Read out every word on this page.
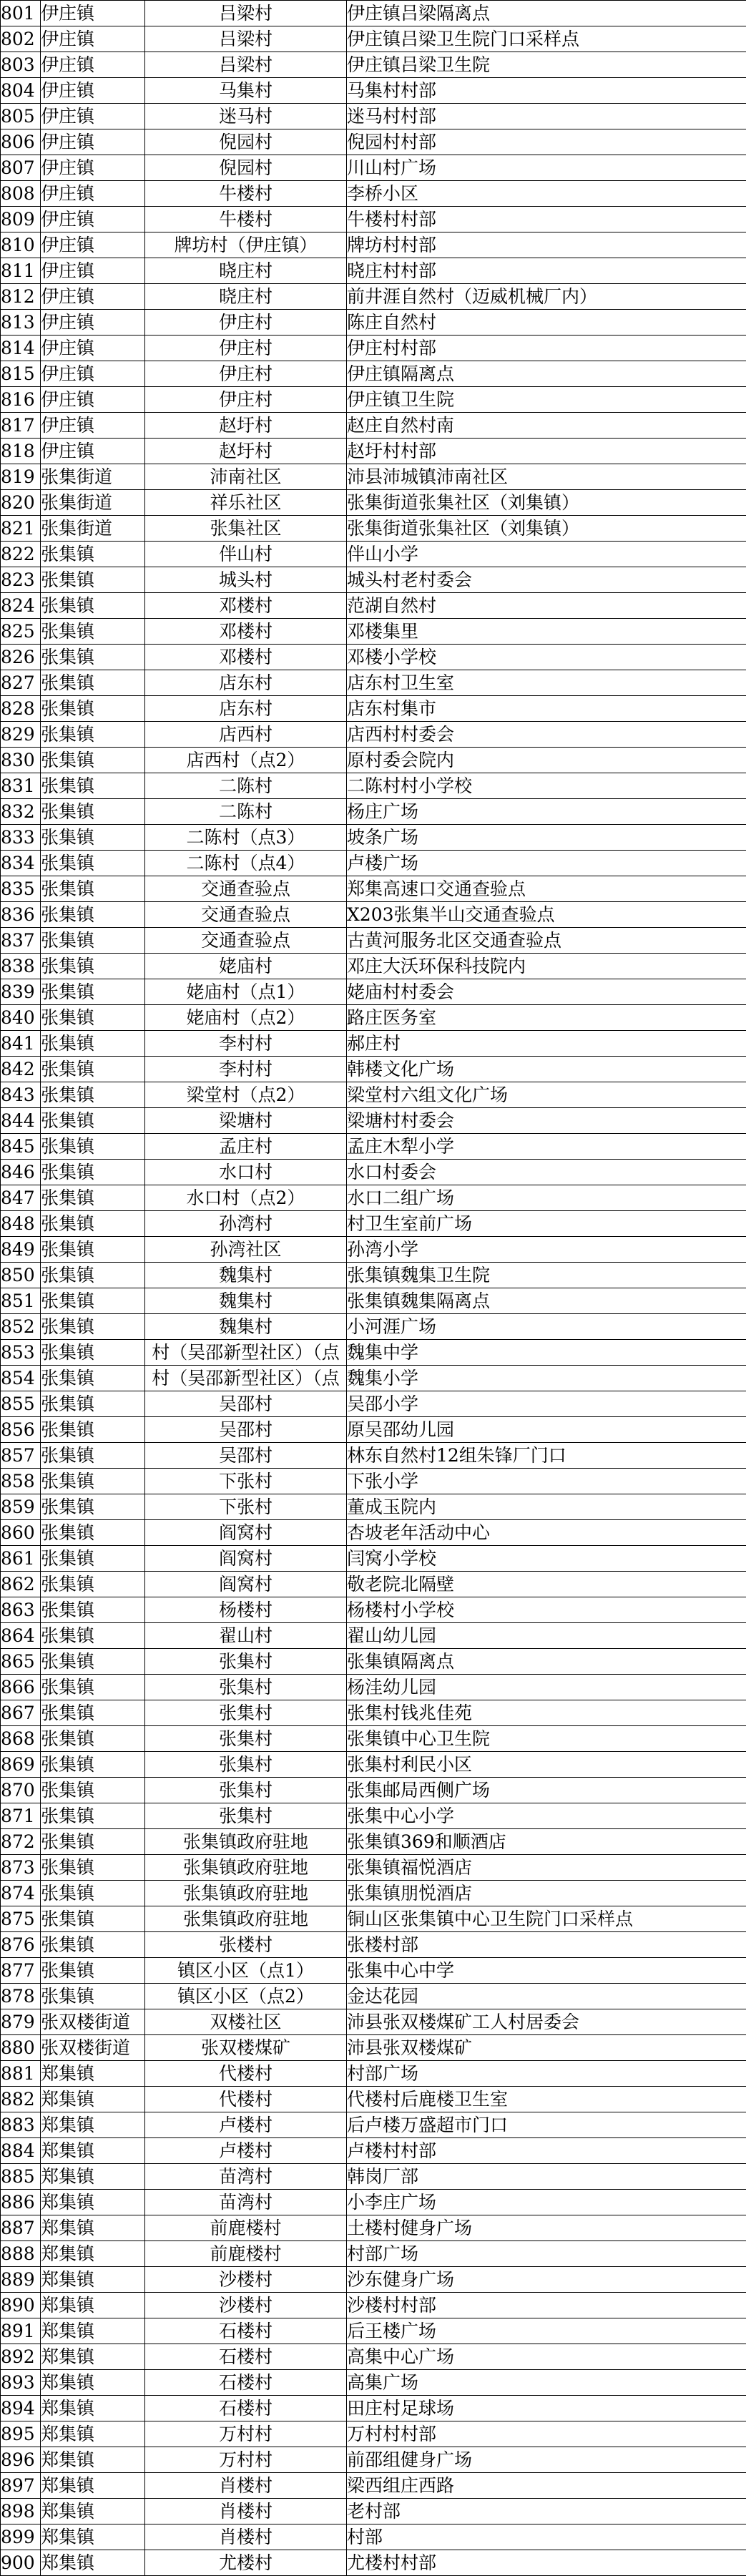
801	伊庄镇	吕梁村	伊庄镇吕梁隔离点
802	伊庄镇	吕梁村	伊庄镇吕梁卫生院门口采样点
803	伊庄镇	吕梁村	伊庄镇吕梁卫生院
804	伊庄镇	马集村	马集村村部
805	伊庄镇	迷马村	迷马村村部
806	伊庄镇	倪园村	倪园村村部
807	伊庄镇	倪园村	川山村广场
808	伊庄镇	牛楼村	李桥小区
809	伊庄镇	牛楼村	牛楼村村部
810	伊庄镇	牌坊村（伊庄镇）	牌坊村村部
811	伊庄镇	晓庄村	晓庄村村部
812	伊庄镇	晓庄村	前井涯自然村（迈威机械厂内）
813	伊庄镇	伊庄村	陈庄自然村
814	伊庄镇	伊庄村	伊庄村村部
815	伊庄镇	伊庄村	伊庄镇隔离点
816	伊庄镇	伊庄村	伊庄镇卫生院
817	伊庄镇	赵圩村	赵庄自然村南
818	伊庄镇	赵圩村	赵圩村村部
819	张集街道	沛南社区	沛县沛城镇沛南社区
820	张集街道	祥乐社区	张集街道张集社区（刘集镇）
821	张集街道	张集社区	张集街道张集社区（刘集镇）
822	张集镇	伴山村	伴山小学
823	张集镇	城头村	城头村老村委会
824	张集镇	邓楼村	范湖自然村
825	张集镇	邓楼村	邓楼集里
826	张集镇	邓楼村	邓楼小学校
827	张集镇	店东村	店东村卫生室
828	张集镇	店东村	店东村集市
829	张集镇	店西村	店西村村委会
830	张集镇	店西村（点2）	原村委会院内
831	张集镇	二陈村	二陈村村小学校
832	张集镇	二陈村	杨庄广场
833	张集镇	二陈村（点3）	坡条广场
834	张集镇	二陈村（点4）	卢楼广场
835	张集镇	交通查验点	郑集高速口交通查验点
836	张集镇	交通查验点	X203张集半山交通查验点
837	张集镇	交通查验点	古黄河服务北区交通查验点
838	张集镇	姥庙村	邓庄大沃环保科技院内
839	张集镇	姥庙村（点1）	姥庙村村委会
840	张集镇	姥庙村（点2）	路庄医务室
841	张集镇	李村村	郝庄村
842	张集镇	李村村	韩楼文化广场
843	张集镇	梁堂村（点2）	梁堂村六组文化广场
844	张集镇	梁塘村	梁塘村村委会
845	张集镇	孟庄村	孟庄木犁小学
846	张集镇	水口村	水口村委会
847	张集镇	水口村（点2）	水口二组广场
848	张集镇	孙湾村	村卫生室前广场
849	张集镇	孙湾社区	孙湾小学
850	张集镇	魏集村	张集镇魏集卫生院
851	张集镇	魏集村	张集镇魏集隔离点
852	张集镇	魏集村	小河涯广场
853	张集镇	村（吴邵新型社区）（点	魏集中学
854	张集镇	村（吴邵新型社区）（点	魏集小学
855	张集镇	吴邵村	吴邵小学
856	张集镇	吴邵村	原吴邵幼儿园
857	张集镇	吴邵村	林东自然村12组朱锋厂门口
858	张集镇	下张村	下张小学
859	张集镇	下张村	董成玉院内
860	张集镇	阎窝村	杏坡老年活动中心
861	张集镇	阎窝村	闫窝小学校
862	张集镇	阎窝村	敬老院北隔壁
863	张集镇	杨楼村	杨楼村小学校
864	张集镇	翟山村	翟山幼儿园
865	张集镇	张集村	张集镇隔离点
866	张集镇	张集村	杨洼幼儿园
867	张集镇	张集村	张集村钱兆佳苑
868	张集镇	张集村	张集镇中心卫生院
869	张集镇	张集村	张集村利民小区
870	张集镇	张集村	张集邮局西侧广场
871	张集镇	张集村	张集中心小学
872	张集镇	张集镇政府驻地	张集镇369和顺酒店
873	张集镇	张集镇政府驻地	张集镇福悦酒店
874	张集镇	张集镇政府驻地	张集镇朋悦酒店
875	张集镇	张集镇政府驻地	铜山区张集镇中心卫生院门口采样点
876	张集镇	张楼村	张楼村部
877	张集镇	镇区小区（点1）	张集中心中学
878	张集镇	镇区小区（点2）	金达花园
879	张双楼街道	双楼社区	沛县张双楼煤矿工人村居委会
880	张双楼街道	张双楼煤矿	沛县张双楼煤矿
881	郑集镇	代楼村	村部广场
882	郑集镇	代楼村	代楼村后鹿楼卫生室
883	郑集镇	卢楼村	后卢楼万盛超市门口
884	郑集镇	卢楼村	卢楼村村部
885	郑集镇	苗湾村	韩岗厂部
886	郑集镇	苗湾村	小李庄广场
887	郑集镇	前鹿楼村	土楼村健身广场
888	郑集镇	前鹿楼村	村部广场
889	郑集镇	沙楼村	沙东健身广场
890	郑集镇	沙楼村	沙楼村村部
891	郑集镇	石楼村	后王楼广场
892	郑集镇	石楼村	高集中心广场
893	郑集镇	石楼村	高集广场
894	郑集镇	石楼村	田庄村足球场
895	郑集镇	万村村	万村村村部
896	郑集镇	万村村	前邵组健身广场
897	郑集镇	肖楼村	梁西组庄西路
898	郑集镇	肖楼村	老村部
899	郑集镇	肖楼村	村部
900	郑集镇	尤楼村	尤楼村村部
